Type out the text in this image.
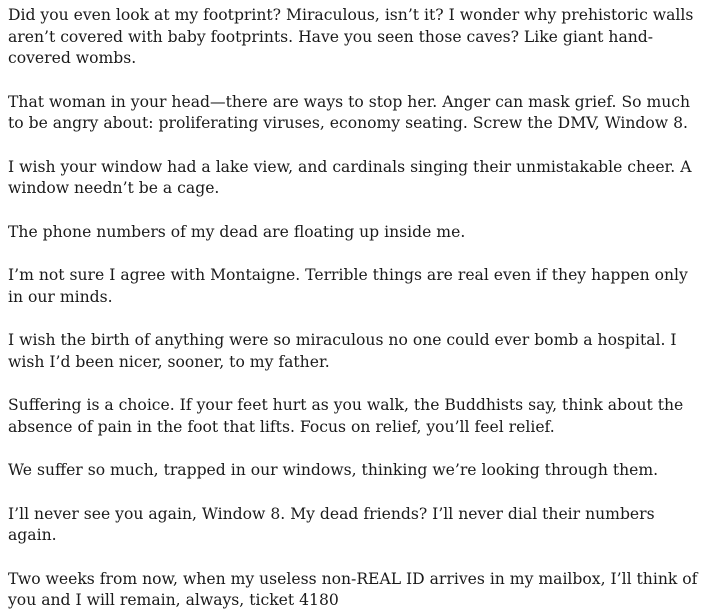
Did you even look at my footprint? Miraculous, isn’t it? I wonder why prehistoric walls aren’t covered with baby footprints. Have you seen those caves? Like giant hand-covered wombs.

That woman in your head—there are ways to stop her. Anger can mask grief. So much to be angry about: proliferating viruses, economy seating. Screw the DMV, Window 8.

I wish your window had a lake view, and cardinals singing their unmistakable cheer. A window needn’t be a cage.

The phone numbers of my dead are floating up inside me.

I’m not sure I agree with Montaigne. Terrible things are real even if they happen only in our minds.

I wish the birth of anything were so miraculous no one could ever bomb a hospital. I wish I’d been nicer, sooner, to my father.

Suffering is a choice. If your feet hurt as you walk, the Buddhists say, think about the absence of pain in the foot that lifts. Focus on relief, you’ll feel relief.

We suffer so much, trapped in our windows, thinking we’re looking through them.

I’ll never see you again, Window 8. My dead friends? I’ll never dial their numbers again.

Two weeks from now, when my useless non-REAL ID arrives in my mailbox, I’ll think of you and I will remain, always, ticket 4180
